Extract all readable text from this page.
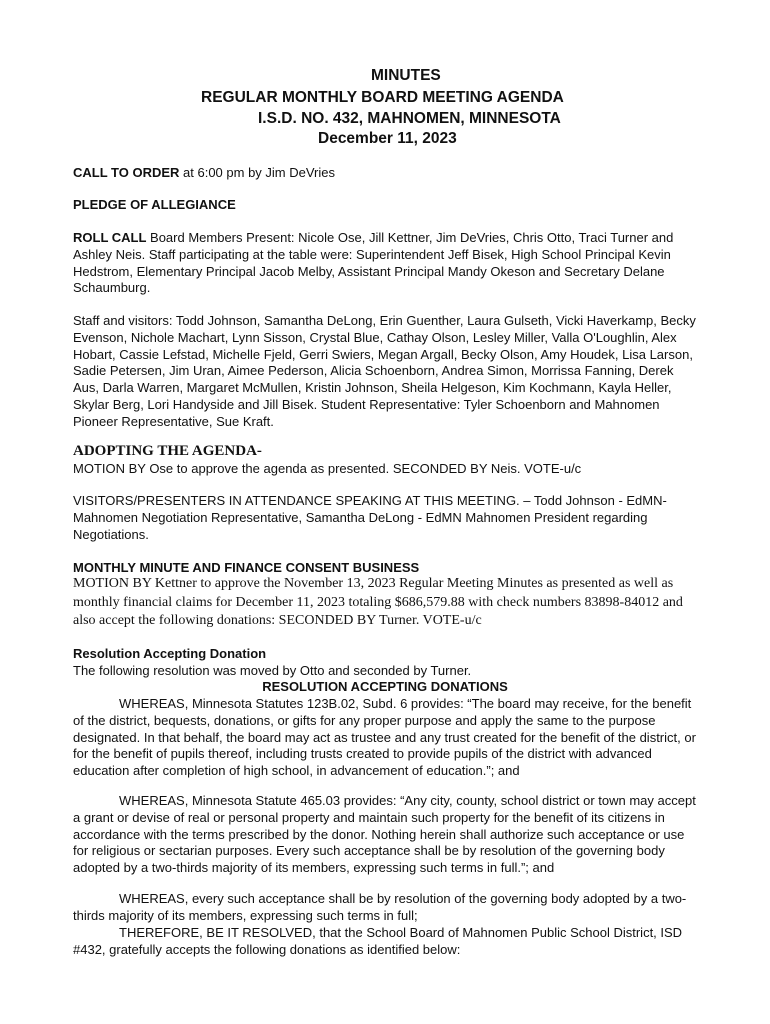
MINUTES
REGULAR MONTHLY BOARD MEETING AGENDA
I.S.D. NO. 432, MAHNOMEN, MINNESOTA
December 11, 2023
CALL TO ORDER at 6:00 pm by Jim DeVries
PLEDGE OF ALLEGIANCE
ROLL CALL Board Members Present: Nicole Ose, Jill Kettner, Jim DeVries, Chris Otto, Traci Turner and Ashley Neis. Staff participating at the table were: Superintendent Jeff Bisek, High School Principal Kevin Hedstrom, Elementary Principal Jacob Melby, Assistant Principal Mandy Okeson and Secretary Delane Schaumburg.
Staff and visitors: Todd Johnson, Samantha DeLong, Erin Guenther, Laura Gulseth, Vicki Haverkamp, Becky Evenson, Nichole Machart, Lynn Sisson, Crystal Blue, Cathay Olson, Lesley Miller, Valla O'Loughlin, Alex Hobart, Cassie Lefstad, Michelle Fjeld, Gerri Swiers, Megan Argall, Becky Olson, Amy Houdek, Lisa Larson, Sadie Petersen, Jim Uran, Aimee Pederson, Alicia Schoenborn, Andrea Simon, Morrissa Fanning, Derek Aus, Darla Warren, Margaret McMullen, Kristin Johnson, Sheila Helgeson, Kim Kochmann, Kayla Heller, Skylar Berg, Lori Handyside and Jill Bisek. Student Representative: Tyler Schoenborn and Mahnomen Pioneer Representative, Sue Kraft.
ADOPTING THE AGENDA-
MOTION BY Ose to approve the agenda as presented. SECONDED BY Neis. VOTE-u/c
VISITORS/PRESENTERS IN ATTENDANCE SPEAKING AT THIS MEETING. – Todd Johnson - EdMN-Mahnomen Negotiation Representative, Samantha DeLong - EdMN Mahnomen President regarding Negotiations.
MONTHLY MINUTE AND FINANCE CONSENT BUSINESS
MOTION BY Kettner to approve the November 13, 2023 Regular Meeting Minutes as presented as well as monthly financial claims for December 11, 2023 totaling $686,579.88 with check numbers 83898-84012 and also accept the following donations: SECONDED BY Turner. VOTE-u/c
Resolution Accepting Donation
The following resolution was moved by Otto and seconded by Turner.
RESOLUTION ACCEPTING DONATIONS
WHEREAS, Minnesota Statutes 123B.02, Subd. 6 provides: “The board may receive, for the benefit of the district, bequests, donations, or gifts for any proper purpose and apply the same to the purpose designated. In that behalf, the board may act as trustee and any trust created for the benefit of the district, or for the benefit of pupils thereof, including trusts created to provide pupils of the district with advanced education after completion of high school, in advancement of education.”; and
WHEREAS, Minnesota Statute 465.03 provides: “Any city, county, school district or town may accept a grant or devise of real or personal property and maintain such property for the benefit of its citizens in accordance with the terms prescribed by the donor. Nothing herein shall authorize such acceptance or use for religious or sectarian purposes. Every such acceptance shall be by resolution of the governing body adopted by a two-thirds majority of its members, expressing such terms in full.”; and
WHEREAS, every such acceptance shall be by resolution of the governing body adopted by a two-thirds majority of its members, expressing such terms in full;
THEREFORE, BE IT RESOLVED, that the School Board of Mahnomen Public School District, ISD #432, gratefully accepts the following donations as identified below:
